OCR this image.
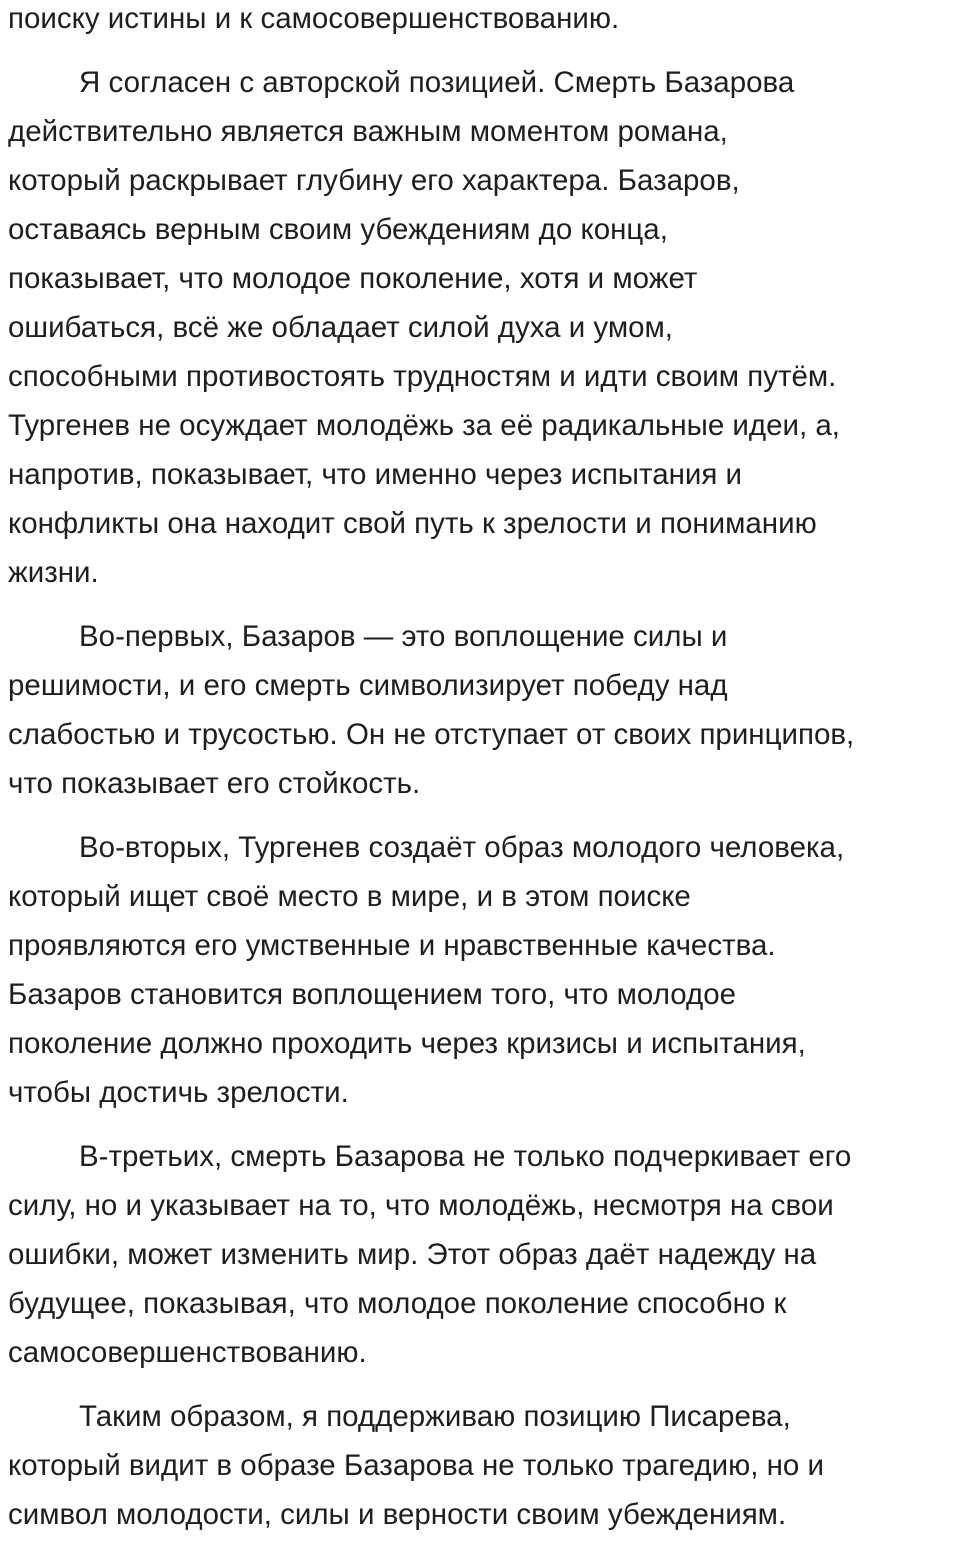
поиску истины и к самосовершенствованию.

Я согласен с авторской позицией. Смерть Базарова
действительно является важным моментом романа,
который раскрывает глубину его характера. Базаров,
оставаясь верным своим убеждениям до конца,
показывает, что молодое поколение, хотя и может
ошибаться, всё же обладает силой духа и умом,
способными противостоять трудностям и идти своим путём.
Тургенев не осуждает молодёжь за её радикальные идеи, а,
напротив, показывает, что именно через испытания и
конфликты она находит свой путь к зрелости и пониманию
жизни.

Во-первых, Базаров — это воплощение силы и
решимости, и его смерть символизирует победу над
слабостью и трусостью. Он не отступает от своих принципов,
что показывает его стойкость.

Во-вторых, Тургенев создаёт образ молодого человека,
который ищет своё место в мире, и в этом поиске
проявляются его умственные и нравственные качества.
Базаров становится воплощением того, что молодое
поколение должно проходить через кризисы и испытания,
чтобы достичь зрелости.

В-третьих, смерть Базарова не только подчеркивает его
силу, но и указывает на то, что молодёжь, несмотря на свои
ошибки, может изменить мир. Этот образ даёт надежду на
будущее, показывая, что молодое поколение способно к
самосовершенствованию.

Таким образом, я поддерживаю позицию Писарева,
который видит в образе Базарова не только трагедию, но и
символ молодости, силы и верности своим убеждениям.
